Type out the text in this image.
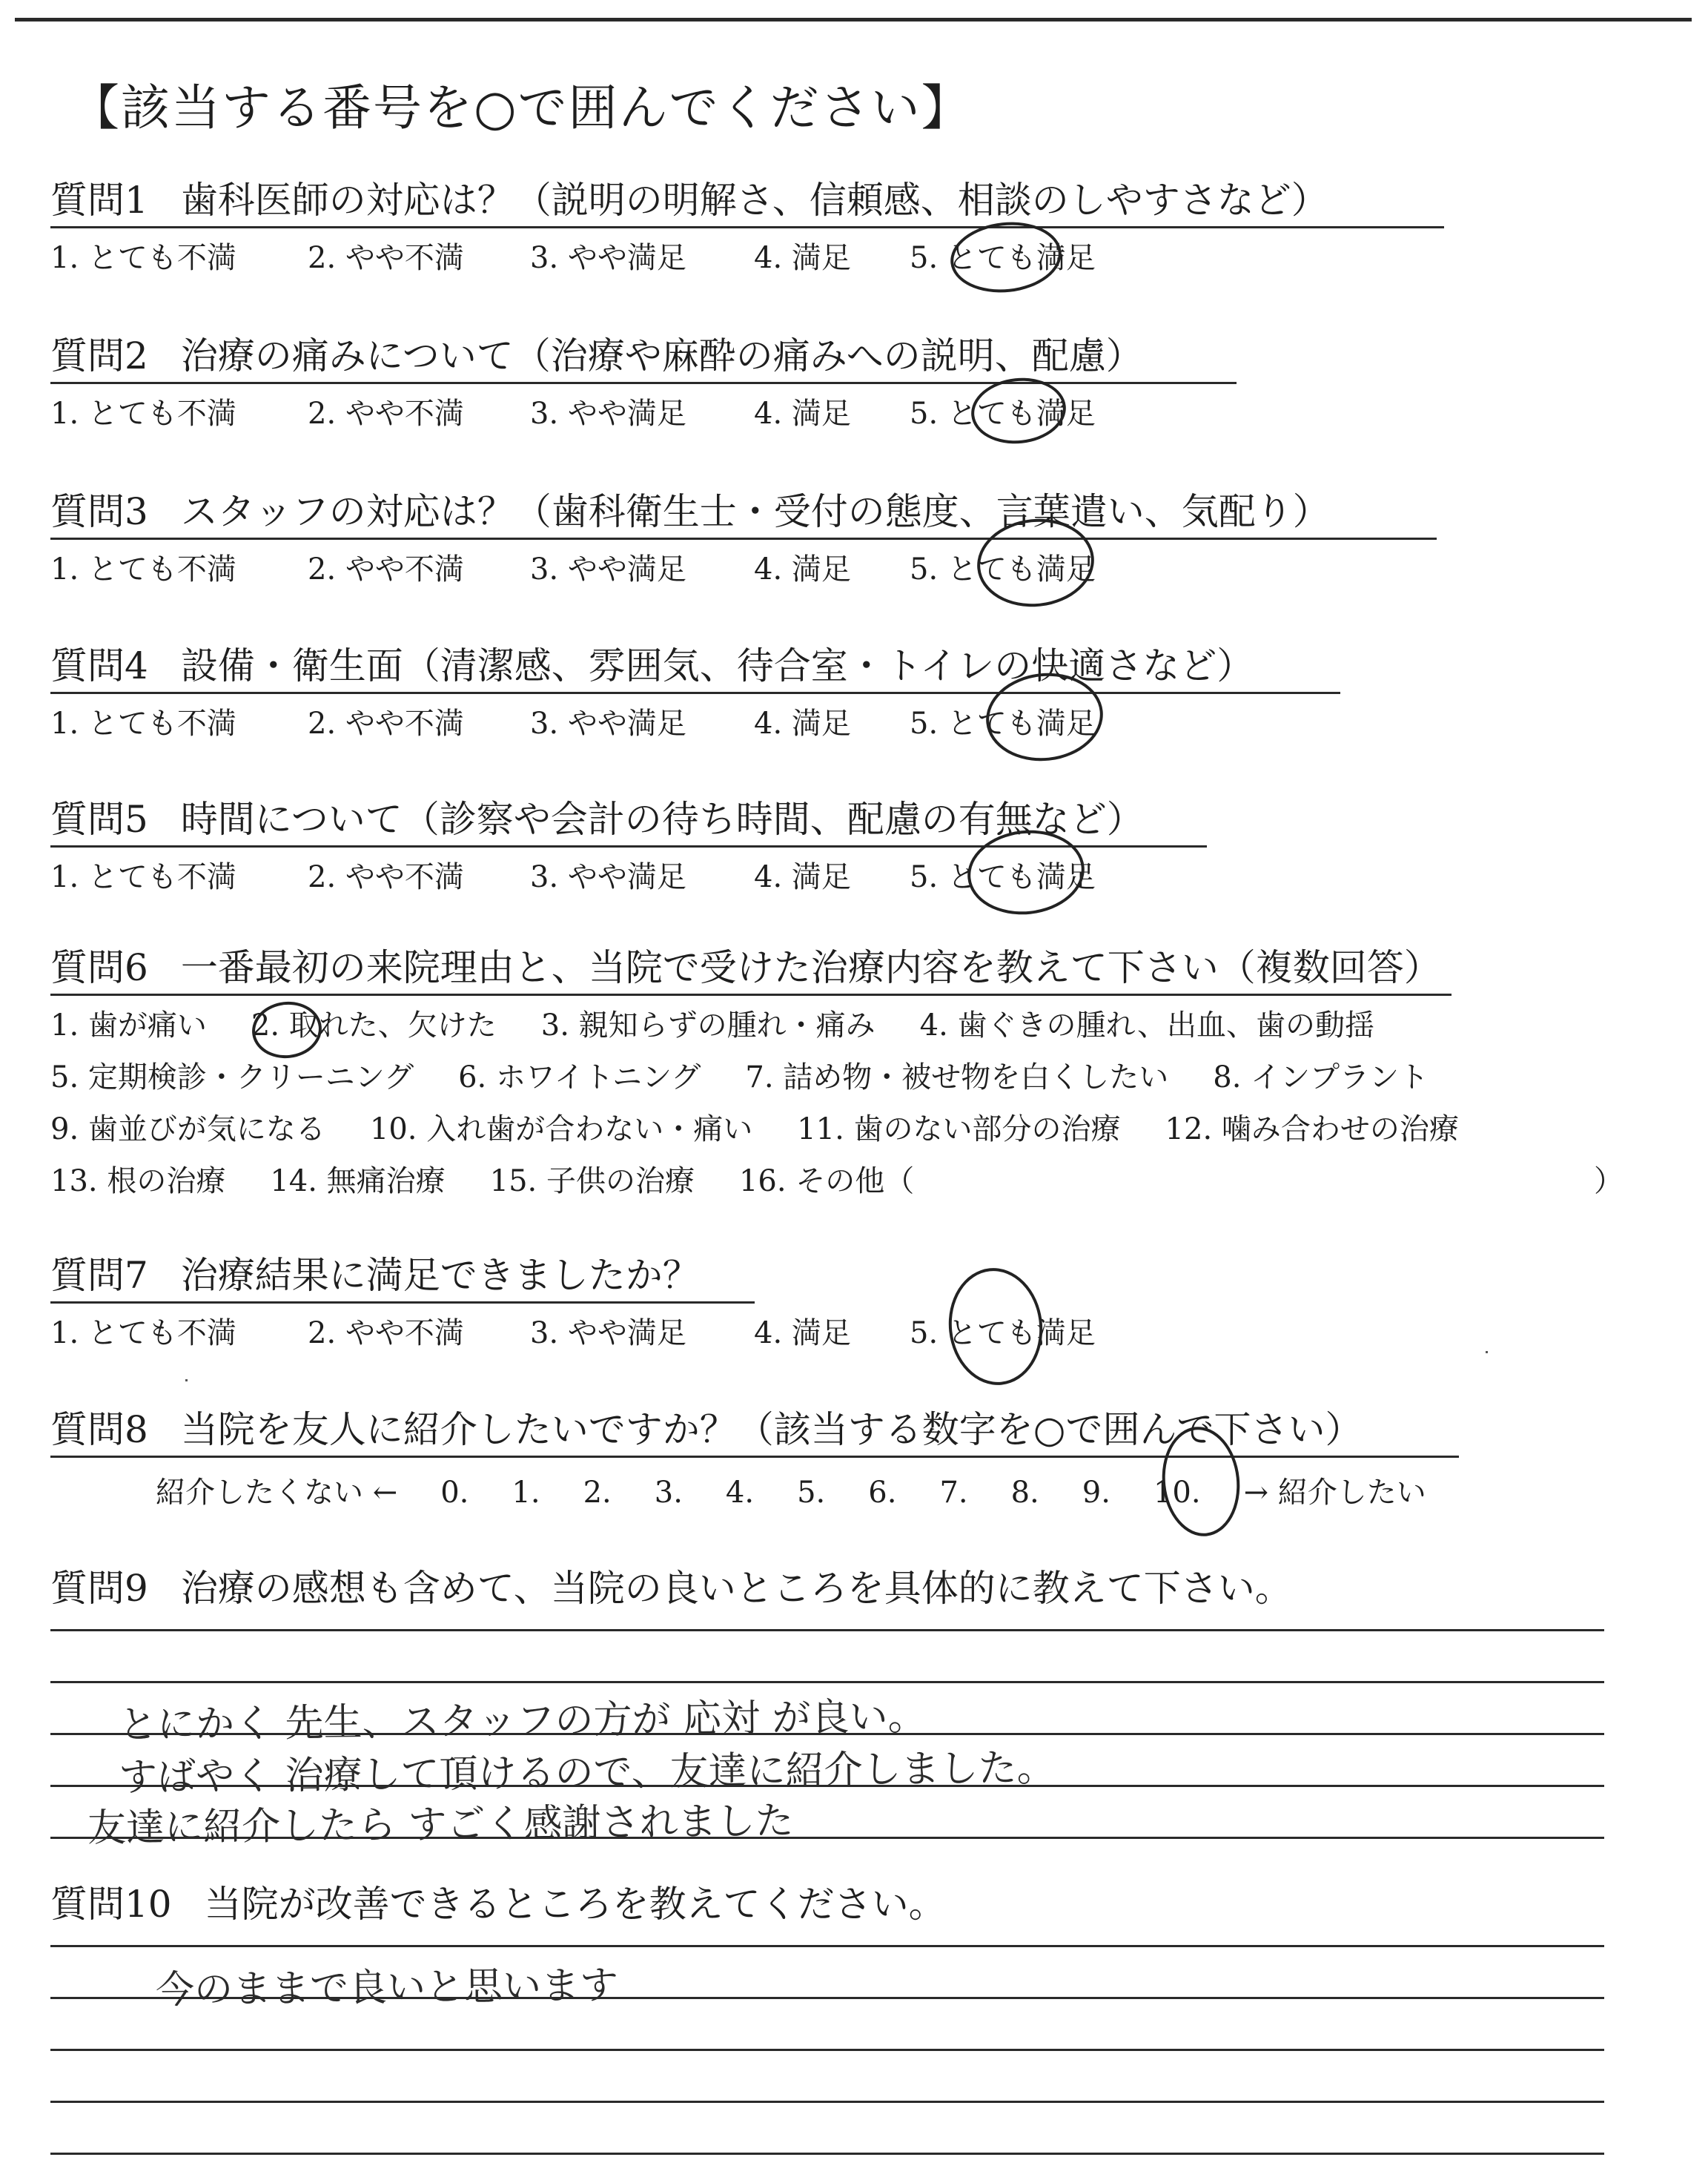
【該当する番号を○で囲んでください】
質問1 歯科医師の対応は？（説明の明解さ、信頼感、相談のしやすさなど）
1. とても不満 2. やや不満 3. やや満足 4. 満足 5. とても満足
質問2 治療の痛みについて（治療や麻酔の痛みへの説明、配慮）
1. とても不満 2. やや不満 3. やや満足 4. 満足 5. とても満足
質問3 スタッフの対応は？（歯科衛生士・受付の態度、言葉遣い、気配り）
1. とても不満 2. やや不満 3. やや満足 4. 満足 5. とても満足
質問4 設備・衛生面（清潔感、雰囲気、待合室・トイレの快適さなど）
1. とても不満 2. やや不満 3. やや満足 4. 満足 5. とても満足
質問5 時間について（診察や会計の待ち時間、配慮の有無など）
1. とても不満 2. やや不満 3. やや満足 4. 満足 5. とても満足
質問6 一番最初の来院理由と、当院で受けた治療内容を教えて下さい（複数回答）
1. 歯が痛い 2. 取れた、欠けた 3. 親知らずの腫れ・痛み 4. 歯ぐきの腫れ、出血、歯の動揺
5. 定期検診・クリーニング 6. ホワイトニング 7. 詰め物・被せ物を白くしたい 8. インプラント
9. 歯並びが気になる 10. 入れ歯が合わない・痛い 11. 歯のない部分の治療 12. 噛み合わせの治療
13. 根の治療 14. 無痛治療 15. 子供の治療 16. その他（	）
質問7 治療結果に満足できましたか？
1. とても不満 2. やや不満 3. やや満足 4. 満足 5. とても満足
質問8 当院を友人に紹介したいですか？（該当する数字を○で囲んで下さい）
紹介したくない ← 0. 1. 2. 3. 4. 5. 6. 7. 8. 9. 10. → 紹介したい
質問9 治療の感想も含めて、当院の良いところを具体的に教えて下さい。
とにかく 先生、スタッフの方が 応対 が良い。
すばやく 治療して頂けるので、友達に紹介しました。
友達に紹介したら すごく感謝されました
質問10 当院が改善できるところを教えてください。
今のままで良いと思います
